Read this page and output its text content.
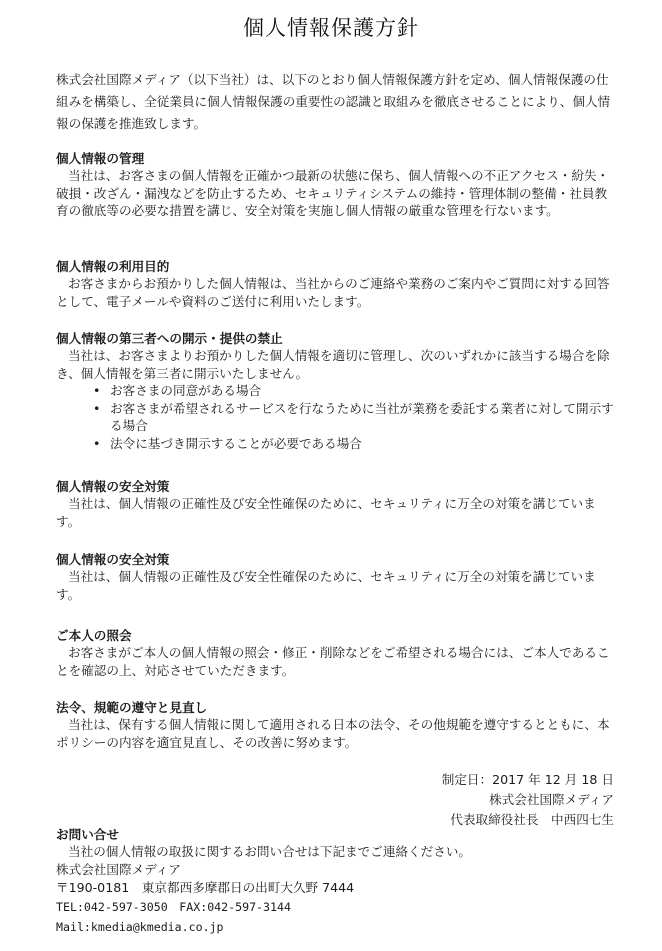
個人情報保護方針
株式会社国際メディア（以下当社）は、以下のとおり個人情報保護方針を定め、個人情報保護の仕組みを構築し、全従業員に個人情報保護の重要性の認識と取組みを徹底させることにより、個人情報の保護を推進致します。
個人情報の管理

当社は、お客さまの個人情報を正確かつ最新の状態に保ち、個人情報への不正アクセス・紛失・破損・改ざん・漏洩などを防止するため、セキュリティシステムの維持・管理体制の整備・社員教育の徹底等の必要な措置を講じ、安全対策を実施し個人情報の厳重な管理を行ないます。

個人情報の利用目的

お客さまからお預かりした個人情報は、当社からのご連絡や業務のご案内やご質問に対する回答として、電子メールや資料のご送付に利用いたします。

個人情報の第三者への開示・提供の禁止

当社は、お客さまよりお預かりした個人情報を適切に管理し、次のいずれかに該当する場合を除き、個人情報を第三者に開示いたしません。

• お客さまの同意がある場合
• お客さまが希望されるサービスを行なうために当社が業務を委託する業者に対して開示する場合
• 法令に基づき開示することが必要である場合
個人情報の安全対策

当社は、個人情報の正確性及び安全性確保のために、セキュリティに万全の対策を講じています。

個人情報の安全対策

当社は、個人情報の正確性及び安全性確保のために、セキュリティに万全の対策を講じています。

ご本人の照会

お客さまがご本人の個人情報の照会・修正・削除などをご希望される場合には、ご本人であることを確認の上、対応させていただきます。

法令、規範の遵守と見直し

当社は、保有する個人情報に関して適用される日本の法令、その他規範を遵守するとともに、本ポリシーの内容を適宜見直し、その改善に努めます。

制定日：2017 年 12 月 18 日
株式会社国際メディア
代表取締役社長　中西四七生
お問い合せ
当社の個人情報の取扱に関するお問い合せは下記までご連絡ください。
株式会社国際メディア
〒190-0181　東京都西多摩郡日の出町大久野 7444
TEL:042-597-3050　FAX:042-597-3144
Mail:kmedia@kmedia.co.jp
